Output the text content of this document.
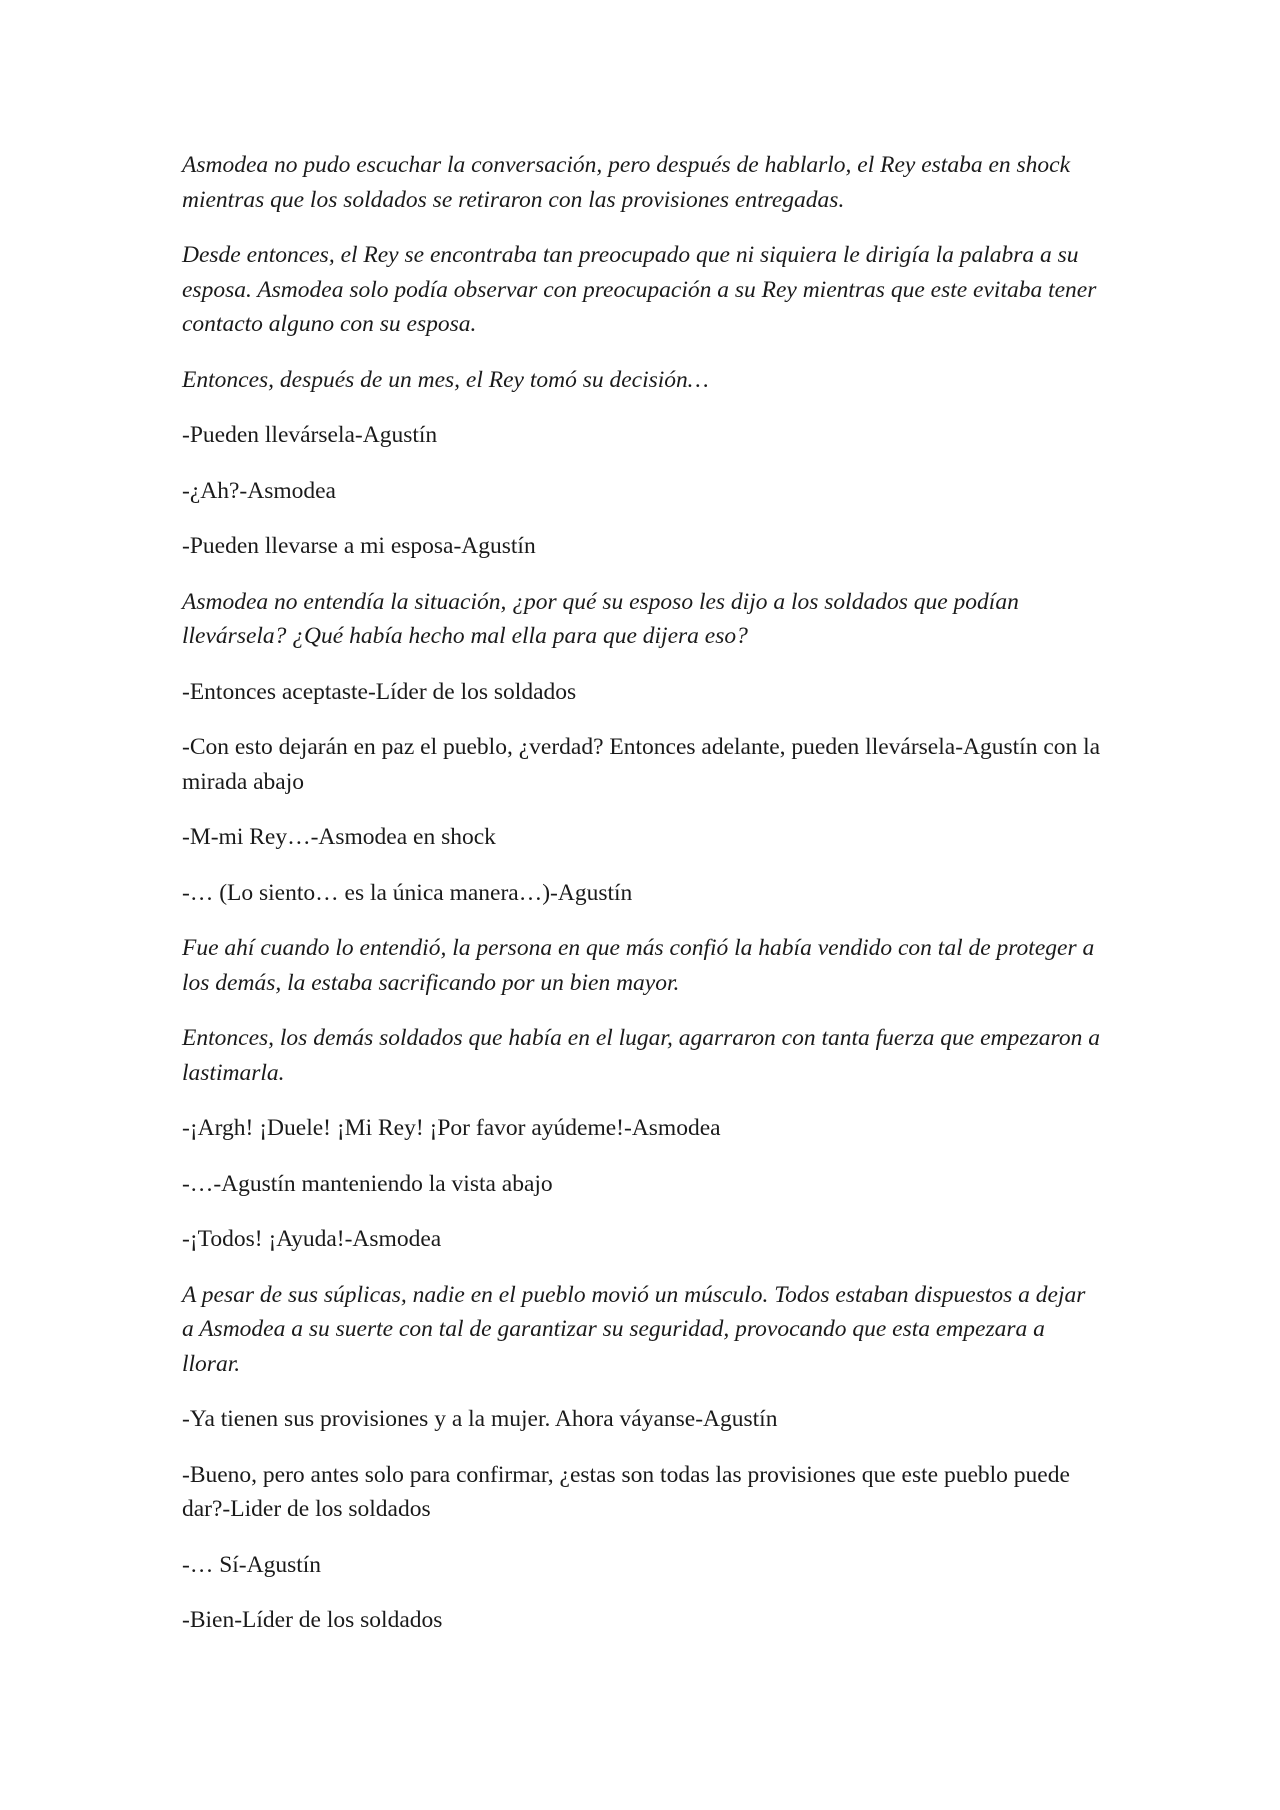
Asmodea no pudo escuchar la conversación, pero después de hablarlo, el Rey estaba en shock mientras que los soldados se retiraron con las provisiones entregadas.

Desde entonces, el Rey se encontraba tan preocupado que ni siquiera le dirigía la palabra a su esposa. Asmodea solo podía observar con preocupación a su Rey mientras que este evitaba tener contacto alguno con su esposa.

Entonces, después de un mes, el Rey tomó su decisión…

-Pueden llevársela-Agustín

-¿Ah?-Asmodea

-Pueden llevarse a mi esposa-Agustín

Asmodea no entendía la situación, ¿por qué su esposo les dijo a los soldados que podían llevársela? ¿Qué había hecho mal ella para que dijera eso?

-Entonces aceptaste-Líder de los soldados

-Con esto dejarán en paz el pueblo, ¿verdad? Entonces adelante, pueden llevársela-Agustín con la mirada abajo

-M-mi Rey…-Asmodea en shock

-… (Lo siento… es la única manera…)-Agustín

Fue ahí cuando lo entendió, la persona en que más confió la había vendido con tal de proteger a los demás, la estaba sacrificando por un bien mayor.

Entonces, los demás soldados que había en el lugar, agarraron con tanta fuerza que empezaron a lastimarla.

-¡Argh! ¡Duele! ¡Mi Rey! ¡Por favor ayúdeme!-Asmodea

-…-Agustín manteniendo la vista abajo

-¡Todos! ¡Ayuda!-Asmodea

A pesar de sus súplicas, nadie en el pueblo movió un músculo. Todos estaban dispuestos a dejar a Asmodea a su suerte con tal de garantizar su seguridad, provocando que esta empezara a llorar.

-Ya tienen sus provisiones y a la mujer. Ahora váyanse-Agustín

-Bueno, pero antes solo para confirmar, ¿estas son todas las provisiones que este pueblo puede dar?-Lider de los soldados

-… Sí-Agustín

-Bien-Líder de los soldados
